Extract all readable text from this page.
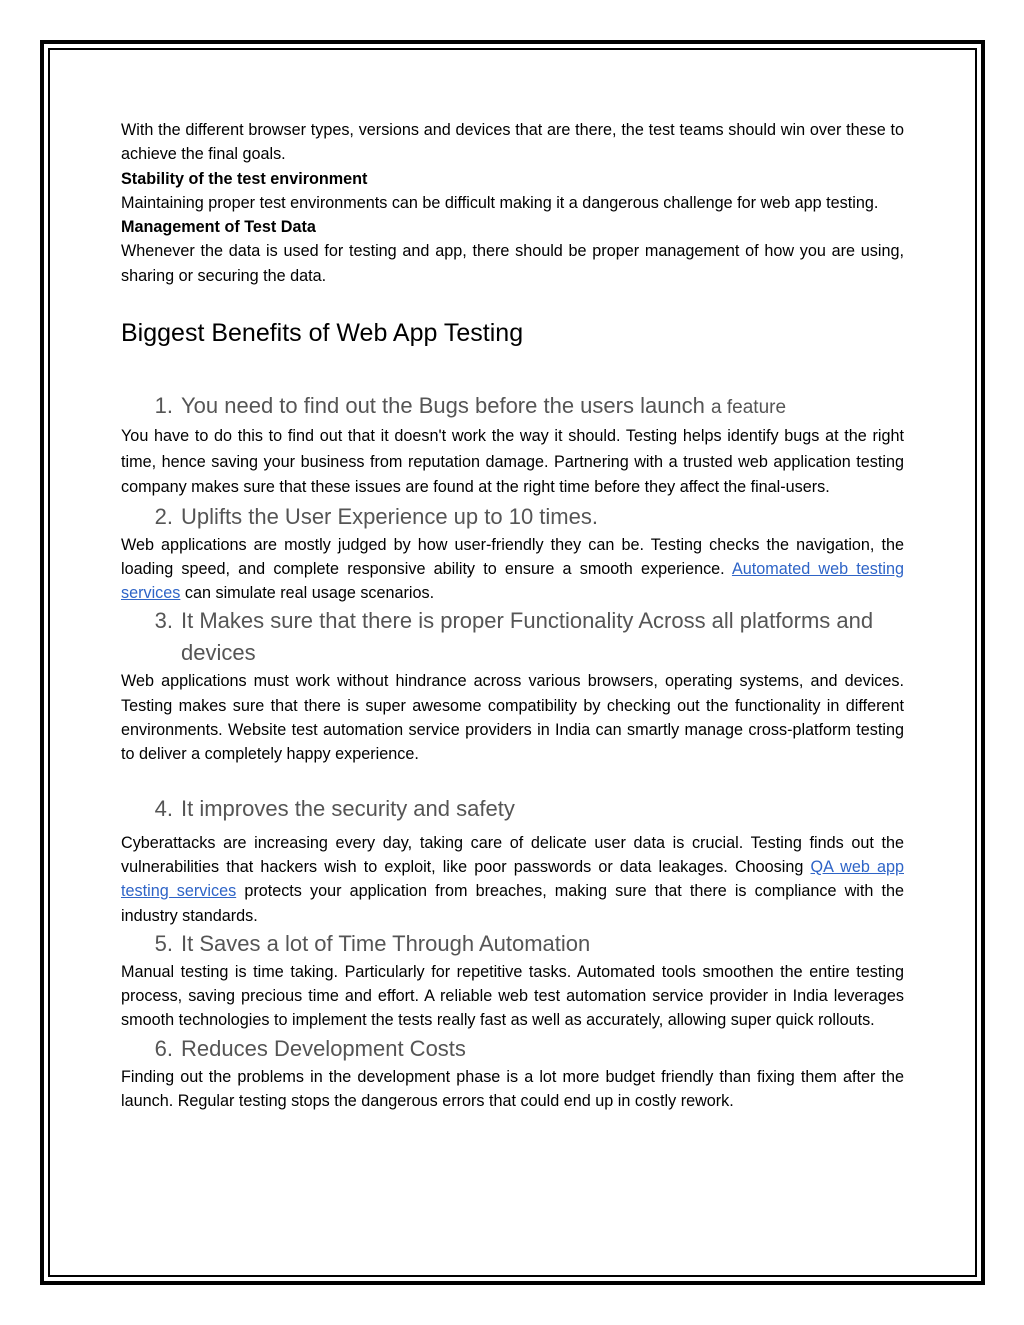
With the different browser types, versions and devices that are there, the test teams should win over these to achieve the final goals.

Stability of the test environment

Maintaining proper test environments can be difficult making it a dangerous challenge for web app testing.

Management of Test Data

Whenever the data is used for testing and app, there should be proper management of how you are using, sharing or securing the data.

Biggest Benefits of Web App Testing
1. You need to find out the Bugs before the users launch a feature

You have to do this to find out that it doesn't work the way it should. Testing helps identify bugs at the right time, hence saving your business from reputation damage. Partnering with a trusted web application testing company makes sure that these issues are found at the right time before they affect the final-users.

2. Uplifts the User Experience up to 10 times.

Web applications are mostly judged by how user-friendly they can be. Testing checks the navigation, the loading speed, and complete responsive ability to ensure a smooth experience. Automated web testing services can simulate real usage scenarios.

3. It Makes sure that there is proper Functionality Across all platforms and devices

Web applications must work without hindrance across various browsers, operating systems, and devices. Testing makes sure that there is super awesome compatibility by checking out the functionality in different environments. Website test automation service providers in India can smartly manage cross-platform testing to deliver a completely happy experience.

4. It improves the security and safety

Cyberattacks are increasing every day, taking care of delicate user data is crucial. Testing finds out the vulnerabilities that hackers wish to exploit, like poor passwords or data leakages. Choosing QA web app testing services protects your application from breaches, making sure that there is compliance with the industry standards.

5. It Saves a lot of Time Through Automation

Manual testing is time taking. Particularly for repetitive tasks. Automated tools smoothen the entire testing process, saving precious time and effort. A reliable web test automation service provider in India leverages smooth technologies to implement the tests really fast as well as accurately, allowing super quick rollouts.

6. Reduces Development Costs

Finding out the problems in the development phase is a lot more budget friendly than fixing them after the launch. Regular testing stops the dangerous errors that could end up in costly rework.
